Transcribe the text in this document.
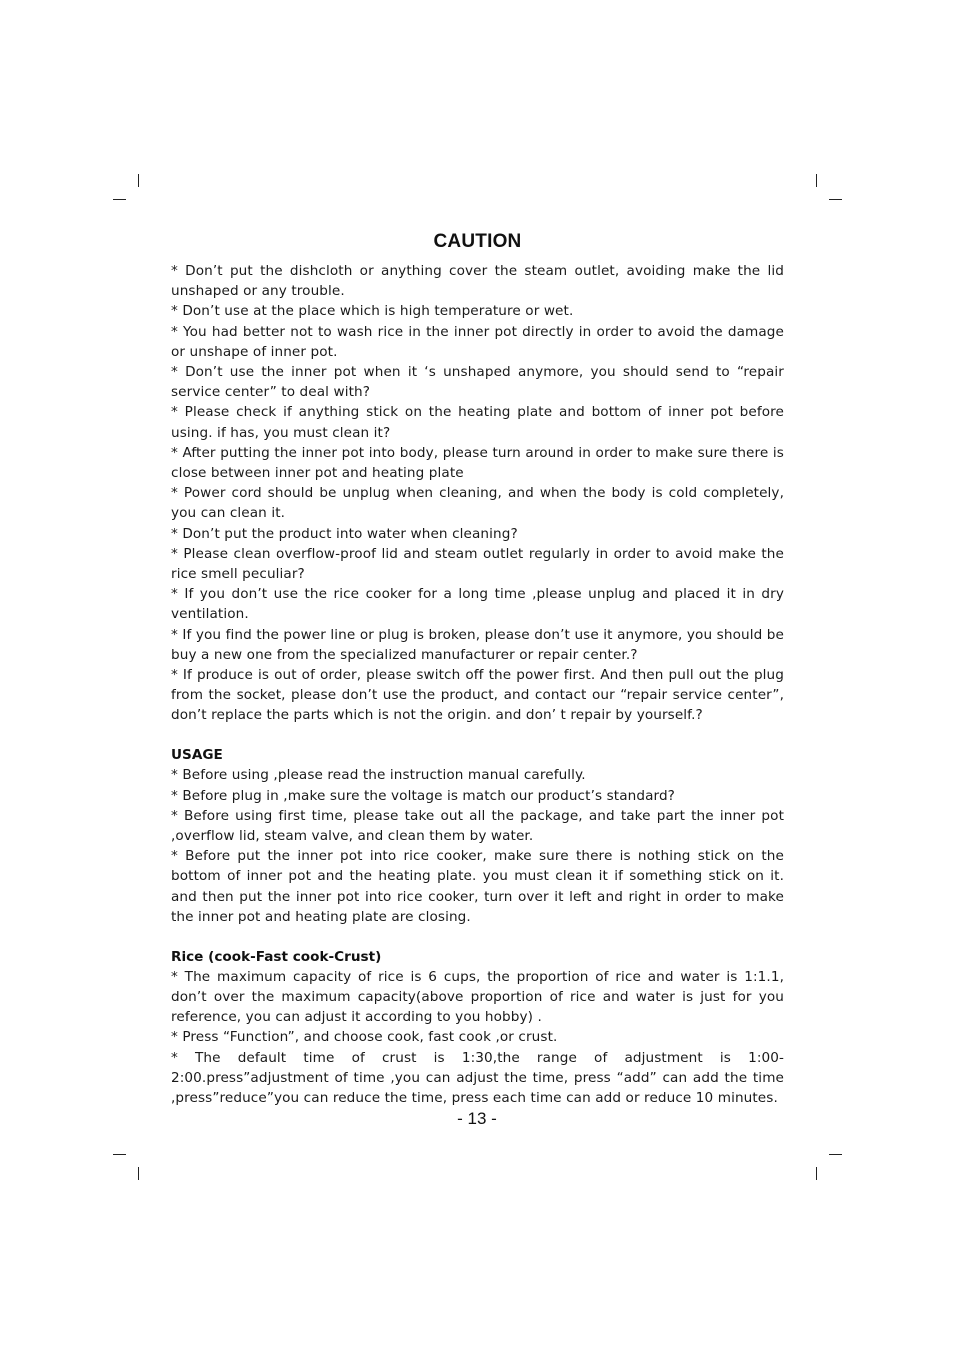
CAUTION

* Don’t put the dishcloth or anything cover the steam outlet, avoiding make the lid unshaped or any trouble.

* Don’t use at the place which is high temperature or wet.

* You had better not to wash rice in the inner pot directly in order to avoid the damage or unshape of inner pot.

* Don’t use the inner pot when it ‘s unshaped anymore, you should send to “repair service center” to deal with?

* Please check if anything stick on the heating plate and bottom of inner pot before using. if has, you must clean it?

* After putting the inner pot into body, please turn around in order to make sure there is close between inner pot and heating plate

* Power cord should be unplug when cleaning, and when the body is cold completely, you can clean it.

* Don’t put the product into water when cleaning?

* Please clean overflow-proof lid and steam outlet regularly in order to avoid make the rice smell peculiar?

* If you don’t use the rice cooker for a long time ,please unplug and placed it in dry ventilation.

* If you find the power line or plug is broken, please don’t use it anymore, you should be buy a new one from the specialized manufacturer or repair center.?

* If produce is out of order, please switch off the power first. And then pull out the plug from the socket, please don’t use the product, and contact our “repair service center”, don’t replace the parts which is not the origin. and don’ t repair by yourself.?

USAGE

* Before using ,please read the instruction manual carefully.

* Before plug in ,make sure the voltage is match our product’s standard?

* Before using first time, please take out all the package, and take part the inner pot ,overflow lid, steam valve, and clean them by water.

* Before put the inner pot into rice cooker, make sure there is nothing stick on the bottom of inner pot and the heating plate. you must clean it if something stick on it. and then put the inner pot into rice cooker, turn over it left and right in order to make the inner pot and heating plate are closing.

Rice (cook-Fast cook-Crust)

* The maximum capacity of rice is 6 cups, the proportion of rice and water is 1:1.1, don’t over the maximum capacity(above proportion of rice and water is just for you reference, you can adjust it according to you hobby) .

* Press “Function”, and choose cook, fast cook ,or crust.

* The default time of crust is 1:30,the range of adjustment is 1:00-2:00.press”adjustment of time ,you can adjust the time, press “add” can add the time ,press”reduce”you can reduce the time, press each time can add or reduce 10 minutes.

- 13 -
